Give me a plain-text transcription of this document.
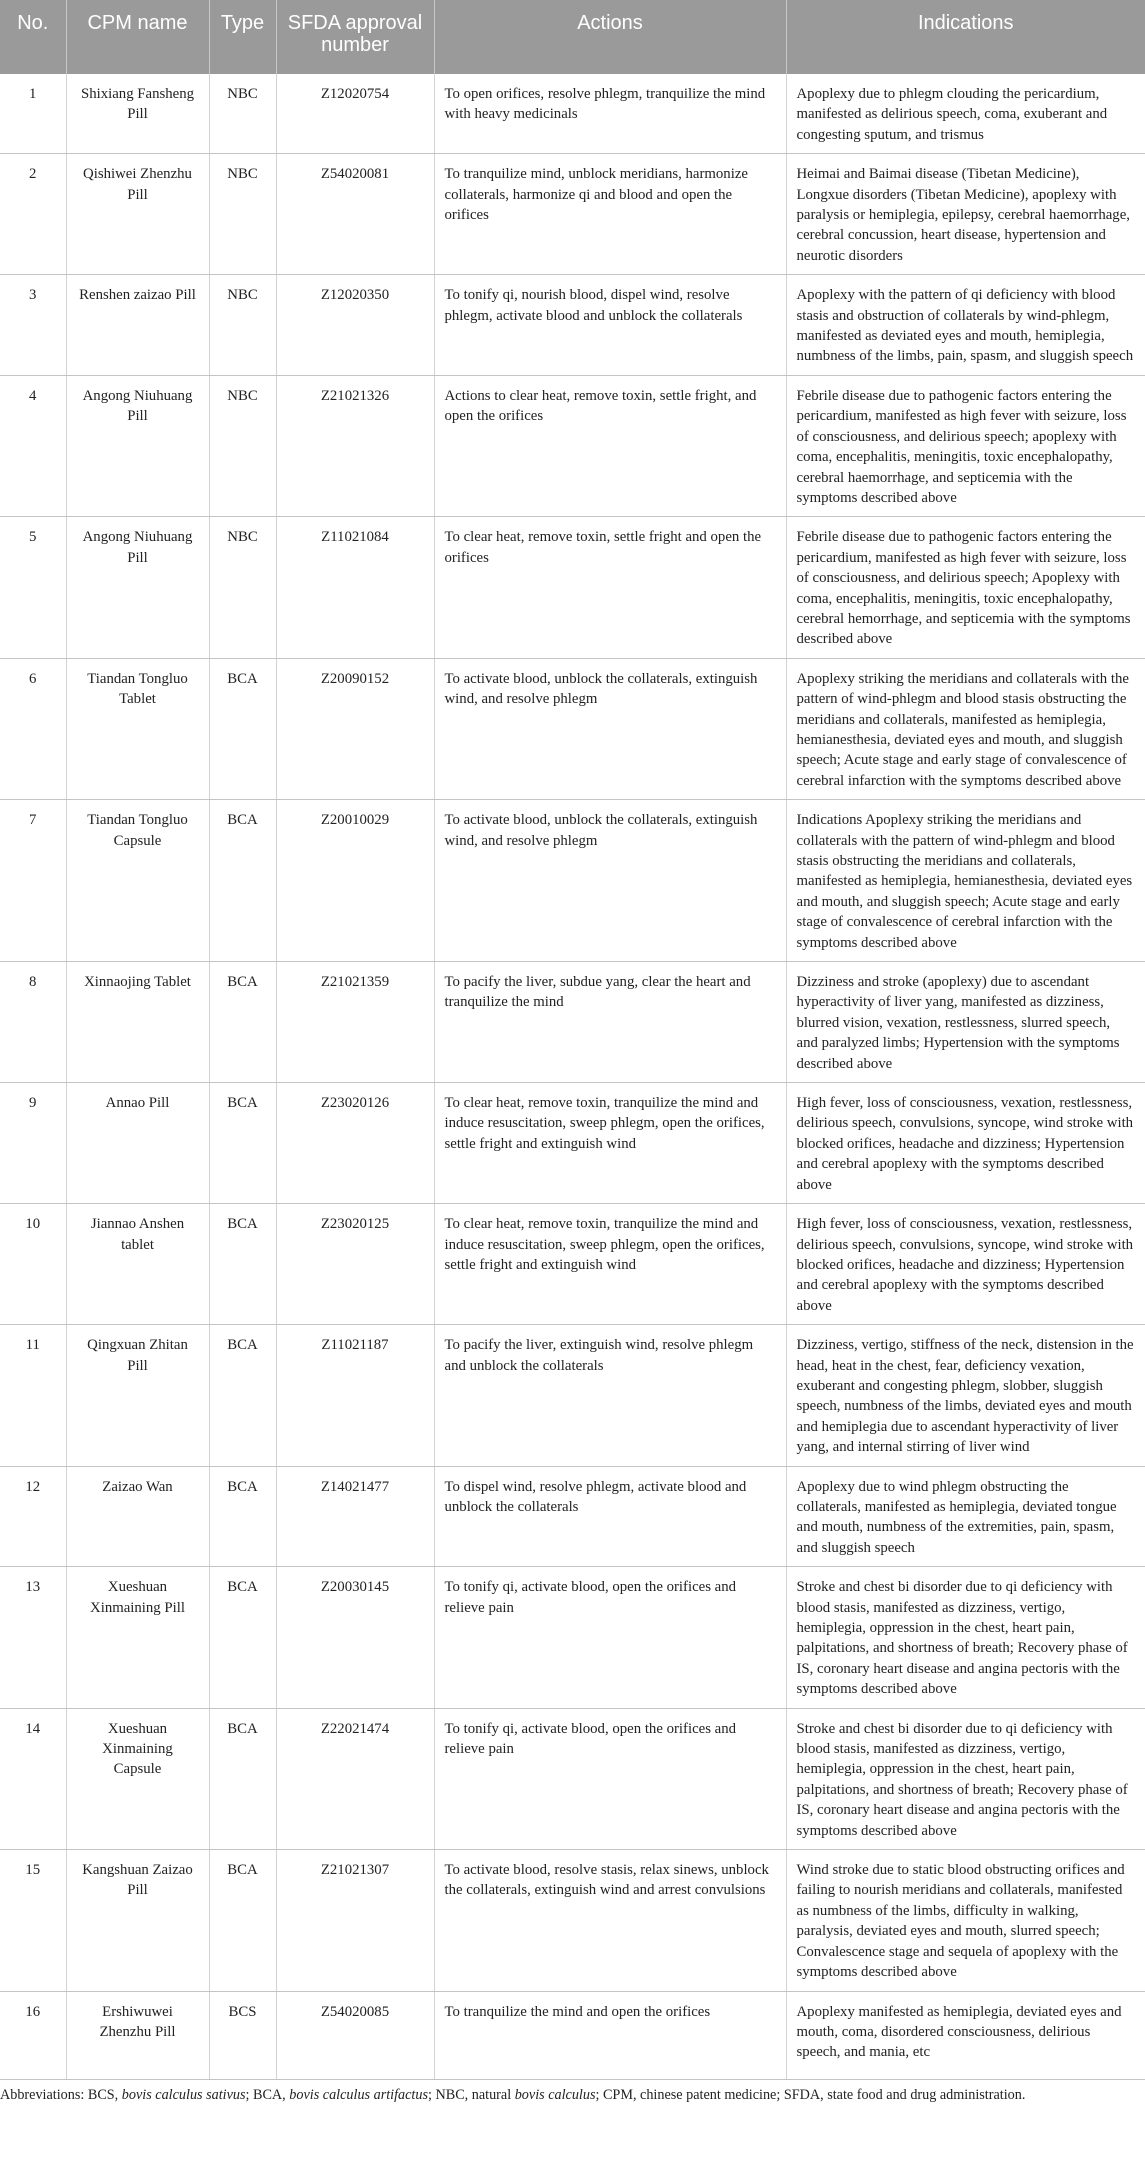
No.	CPM name	Type	SFDA approval number	Actions	Indications
1	Shixiang Fansheng Pill	NBC	Z12020754	To open orifices, resolve phlegm, tranquilize the mind with heavy medicinals	Apoplexy due to phlegm clouding the pericardium, manifested as delirious speech, coma, exuberant and congesting sputum, and trismus
2	Qishiwei Zhenzhu Pill	NBC	Z54020081	To tranquilize mind, unblock meridians, harmonize collaterals, harmonize qi and blood and open the orifices	Heimai and Baimai disease (Tibetan Medicine), Longxue disorders (Tibetan Medicine), apoplexy with paralysis or hemiplegia, epilepsy, cerebral haemorrhage, cerebral concussion, heart disease, hypertension and neurotic disorders
3	Renshen zaizao Pill	NBC	Z12020350	To tonify qi, nourish blood, dispel wind, resolve phlegm, activate blood and unblock the collaterals	Apoplexy with the pattern of qi deficiency with blood stasis and obstruction of collaterals by wind-phlegm, manifested as deviated eyes and mouth, hemiplegia, numbness of the limbs, pain, spasm, and sluggish speech
4	Angong Niuhuang Pill	NBC	Z21021326	Actions to clear heat, remove toxin, settle fright, and open the orifices	Febrile disease due to pathogenic factors entering the pericardium, manifested as high fever with seizure, loss of consciousness, and delirious speech; apoplexy with coma, encephalitis, meningitis, toxic encephalopathy, cerebral haemorrhage, and septicemia with the symptoms described above
5	Angong Niuhuang Pill	NBC	Z11021084	To clear heat, remove toxin, settle fright and open the orifices	Febrile disease due to pathogenic factors entering the pericardium, manifested as high fever with seizure, loss of consciousness, and delirious speech; Apoplexy with coma, encephalitis, meningitis, toxic encephalopathy, cerebral hemorrhage, and septicemia with the symptoms described above
6	Tiandan Tongluo Tablet	BCA	Z20090152	To activate blood, unblock the collaterals, extinguish wind, and resolve phlegm	Apoplexy striking the meridians and collaterals with the pattern of wind-phlegm and blood stasis obstructing the meridians and collaterals, manifested as hemiplegia, hemianesthesia, deviated eyes and mouth, and sluggish speech; Acute stage and early stage of convalescence of cerebral infarction with the symptoms described above
7	Tiandan Tongluo Capsule	BCA	Z20010029	To activate blood, unblock the collaterals, extinguish wind, and resolve phlegm	Indications Apoplexy striking the meridians and collaterals with the pattern of wind-phlegm and blood stasis obstructing the meridians and collaterals, manifested as hemiplegia, hemianesthesia, deviated eyes and mouth, and sluggish speech; Acute stage and early stage of convalescence of cerebral infarction with the symptoms described above
8	Xinnaojing Tablet	BCA	Z21021359	To pacify the liver, subdue yang, clear the heart and tranquilize the mind	Dizziness and stroke (apoplexy) due to ascendant hyperactivity of liver yang, manifested as dizziness, blurred vision, vexation, restlessness, slurred speech, and paralyzed limbs; Hypertension with the symptoms described above
9	Annao Pill	BCA	Z23020126	To clear heat, remove toxin, tranquilize the mind and induce resuscitation, sweep phlegm, open the orifices, settle fright and extinguish wind	High fever, loss of consciousness, vexation, restlessness, delirious speech, convulsions, syncope, wind stroke with blocked orifices, headache and dizziness; Hypertension and cerebral apoplexy with the symptoms described above
10	Jiannao Anshen tablet	BCA	Z23020125	To clear heat, remove toxin, tranquilize the mind and induce resuscitation, sweep phlegm, open the orifices, settle fright and extinguish wind	High fever, loss of consciousness, vexation, restlessness, delirious speech, convulsions, syncope, wind stroke with blocked orifices, headache and dizziness; Hypertension and cerebral apoplexy with the symptoms described above
11	Qingxuan Zhitan Pill	BCA	Z11021187	To pacify the liver, extinguish wind, resolve phlegm and unblock the collaterals	Dizziness, vertigo, stiffness of the neck, distension in the head, heat in the chest, fear, deficiency vexation, exuberant and congesting phlegm, slobber, sluggish speech, numbness of the limbs, deviated eyes and mouth and hemiplegia due to ascendant hyperactivity of liver yang, and internal stirring of liver wind
12	Zaizao Wan	BCA	Z14021477	To dispel wind, resolve phlegm, activate blood and unblock the collaterals	Apoplexy due to wind phlegm obstructing the collaterals, manifested as hemiplegia, deviated tongue and mouth, numbness of the extremities, pain, spasm, and sluggish speech
13	Xueshuan Xinmaining Pill	BCA	Z20030145	To tonify qi, activate blood, open the orifices and relieve pain	Stroke and chest bi disorder due to qi deficiency with blood stasis, manifested as dizziness, vertigo, hemiplegia, oppression in the chest, heart pain, palpitations, and shortness of breath; Recovery phase of IS, coronary heart disease and angina pectoris with the symptoms described above
14	Xueshuan Xinmaining Capsule	BCA	Z22021474	To tonify qi, activate blood, open the orifices and relieve pain	Stroke and chest bi disorder due to qi deficiency with blood stasis, manifested as dizziness, vertigo, hemiplegia, oppression in the chest, heart pain, palpitations, and shortness of breath; Recovery phase of IS, coronary heart disease and angina pectoris with the symptoms described above
15	Kangshuan Zaizao Pill	BCA	Z21021307	To activate blood, resolve stasis, relax sinews, unblock the collaterals, extinguish wind and arrest convulsions	Wind stroke due to static blood obstructing orifices and failing to nourish meridians and collaterals, manifested as numbness of the limbs, difficulty in walking, paralysis, deviated eyes and mouth, slurred speech; Convalescence stage and sequela of apoplexy with the symptoms described above
16	Ershiwuwei Zhenzhu Pill	BCS	Z54020085	To tranquilize the mind and open the orifices	Apoplexy manifested as hemiplegia, deviated eyes and mouth, coma, disordered consciousness, delirious speech, and mania, etc
Abbreviations: BCS, bovis calculus sativus; BCA, bovis calculus artifactus; NBC, natural bovis calculus; CPM, chinese patent medicine; SFDA, state food and drug administration.
